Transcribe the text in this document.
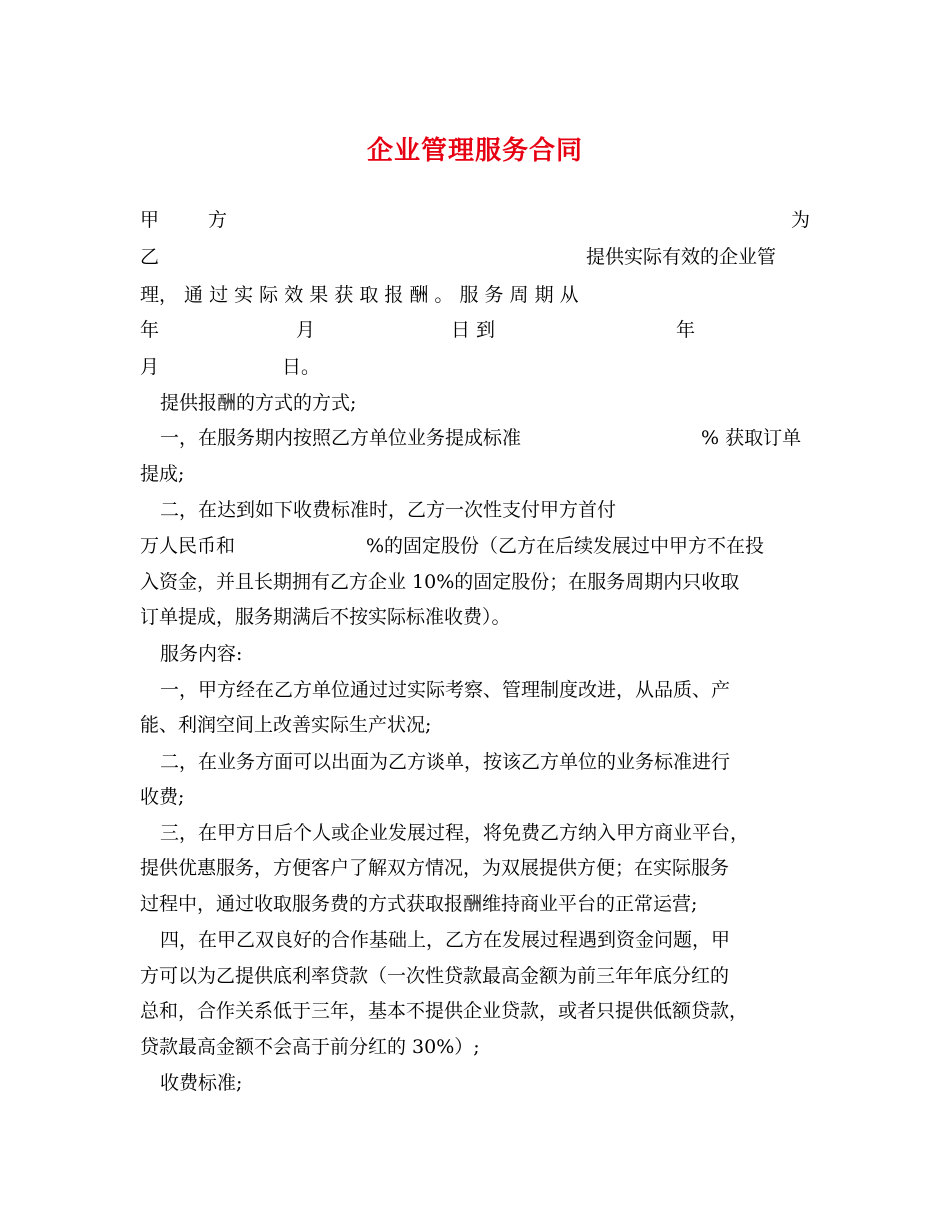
企业管理服务合同
甲	方	为
乙	提供实际有效的企业管
理， 通 过 实 际 效 果 获 取 报 酬 。 服 务 周 期 从
年	月	日 到	年
月	日。
提供报酬的方式的方式;
一，在服务期内按照乙方单位业务提成标准	% 获取订单
提成;
二，在达到如下收费标准时，乙方一次性支付甲方首付
万人民币和	%的固定股份（乙方在后续发展过中甲方不在投
入资金，并且长期拥有乙方企业 10%的固定股份；在服务周期内只收取
订单提成，服务期满后不按实际标准收费）。
服务内容:
一，甲方经在乙方单位通过过实际考察、管理制度改进，从品质、产
能、利润空间上改善实际生产状况;
二，在业务方面可以出面为乙方谈单，按该乙方单位的业务标准进行
收费;
三，在甲方日后个人或企业发展过程，将免费乙方纳入甲方商业平台，
提供优惠服务，方便客户了解双方情况，为双展提供方便；在实际服务
过程中，通过收取服务费的方式获取报酬维持商业平台的正常运营;
四，在甲乙双良好的合作基础上，乙方在发展过程遇到资金问题，甲
方可以为乙提供底利率贷款（一次性贷款最高金额为前三年年底分红的
总和，合作关系低于三年，基本不提供企业贷款，或者只提供低额贷款，
贷款最高金额不会高于前分红的 30%）;
收费标准;
